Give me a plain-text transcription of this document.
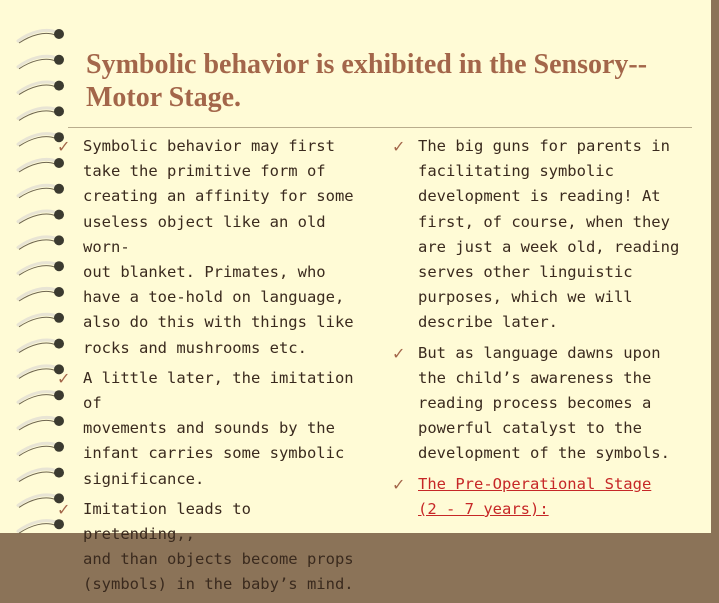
Symbolic behavior is exhibited in the Sensory--
Motor Stage.
✓ Symbolic behavior may first
take the primitive form of
creating an affinity for some
useless object like an old worn-
out blanket. Primates, who
have a toe-hold on language,
also do this with things like
rocks and mushrooms etc.
✓ A little later, the imitation of
movements and sounds by the
infant carries some symbolic
significance.
✓ Imitation leads to pretending,,
and than objects become props
(symbols) in the baby’s mind.
✓ The big guns for parents in
facilitating symbolic
development is reading! At
first, of course, when they
are just a week old, reading
serves other linguistic
purposes, which we will
describe later.
✓ But as language dawns upon
the child’s awareness the
reading process becomes a
powerful catalyst to the
development of the symbols.
✓ The Pre-Operational Stage
(2 - 7 years):
